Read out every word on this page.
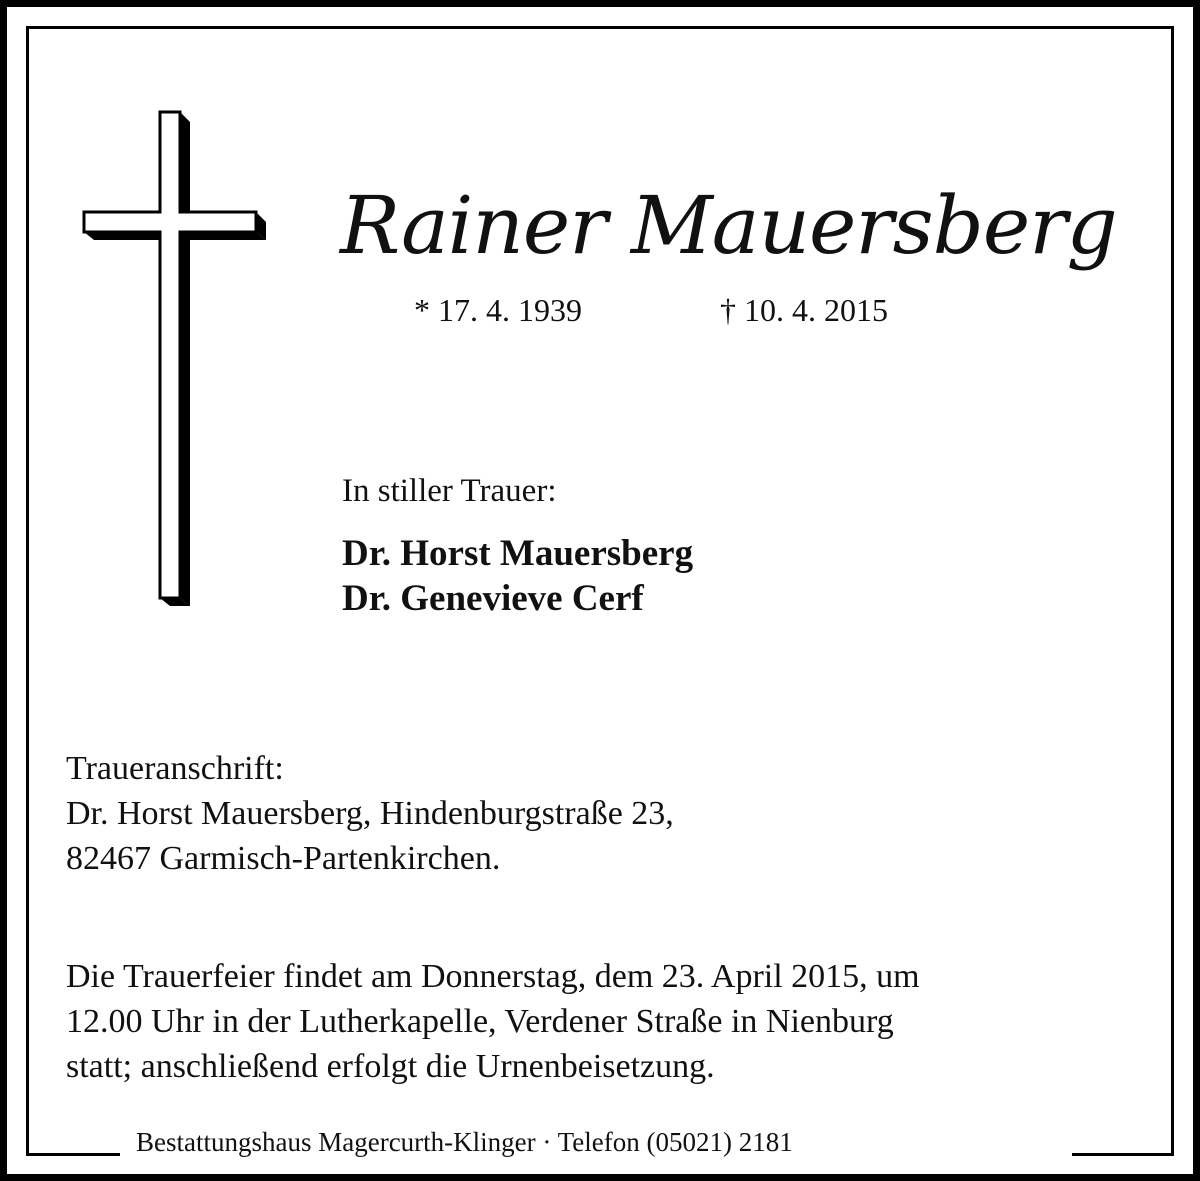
Rainer Mauersberg
* 17. 4. 1939	† 10. 4. 2015
In stiller Trauer:
Dr. Horst Mauersberg
Dr. Genevieve Cerf
Traueranschrift:
Dr. Horst Mauersberg, Hindenburgstraße 23,
82467 Garmisch-Partenkirchen.
Die Trauerfeier findet am Donnerstag, dem 23. April 2015, um
12.00 Uhr in der Lutherkapelle, Verdener Straße in Nienburg
statt; anschließend erfolgt die Urnenbeisetzung.
Bestattungshaus Magercurth-Klinger · Telefon (05021) 2181
